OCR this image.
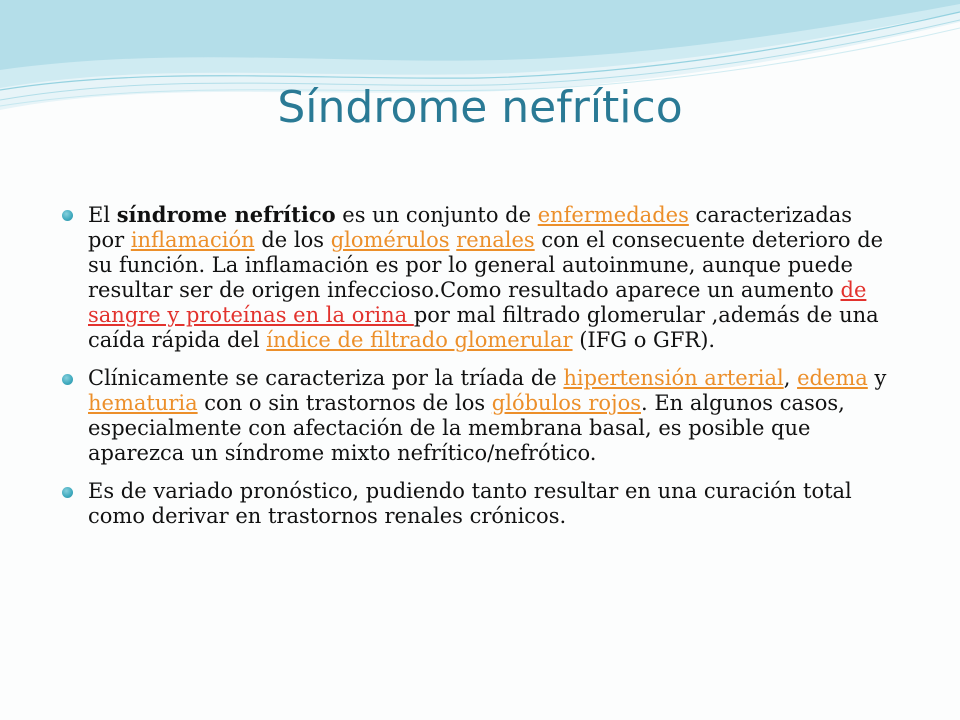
Síndrome nefrítico

El síndrome nefrítico es un conjunto de enfermedades caracterizadas por inflamación de los glomérulos renales con el consecuente deterioro de su función. La inflamación es por lo general autoinmune, aunque puede resultar ser de origen infeccioso.Como resultado aparece un aumento de sangre y proteínas en la orina por mal filtrado glomerular ,además de una caída rápida del índice de filtrado glomerular (IFG o GFR).

Clínicamente se caracteriza por la tríada de hipertensión arterial, edema y hematuria con o sin trastornos de los glóbulos rojos. En algunos casos, especialmente con afectación de la membrana basal, es posible que aparezca un síndrome mixto nefrítico/nefrótico.

Es de variado pronóstico, pudiendo tanto resultar en una curación total como derivar en trastornos renales crónicos.
